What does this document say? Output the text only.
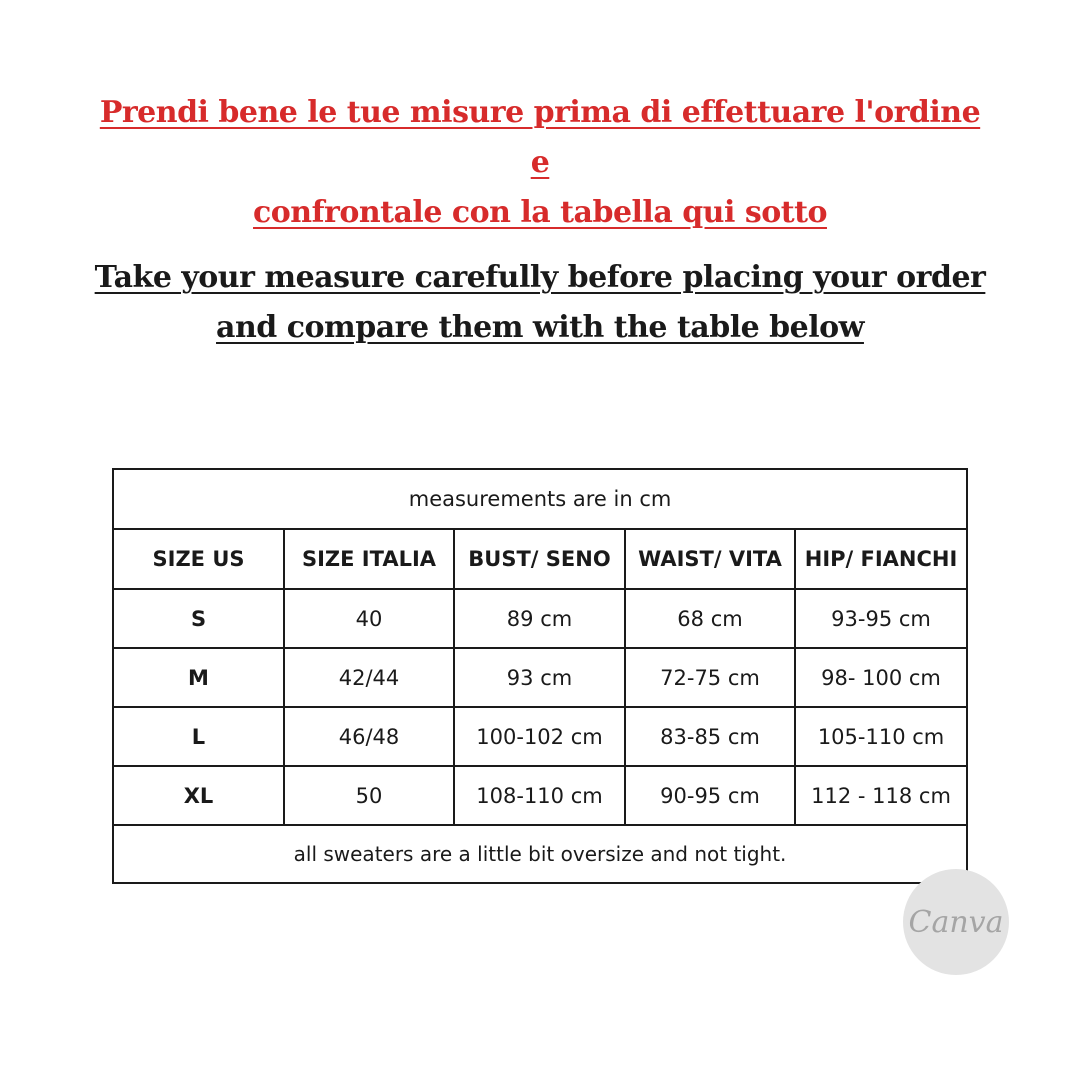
Prendi bene le tue misure prima di effettuare l'ordine e
confrontale con la tabella qui sotto
Take your measure carefully before placing your order
and compare them with the table below
measurements are in cm				
SIZE US	SIZE ITALIA	BUST/ SENO	WAIST/ VITA	HIP/ FIANCHI
S	40	89 cm	68 cm	93-95 cm
M	42/44	93 cm	72-75 cm	98- 100 cm
L	46/48	100-102 cm	83-85 cm	105-110 cm
XL	50	108-110 cm	90-95 cm	112 - 118 cm
all sweaters are a little bit oversize and not tight.				
Canva
